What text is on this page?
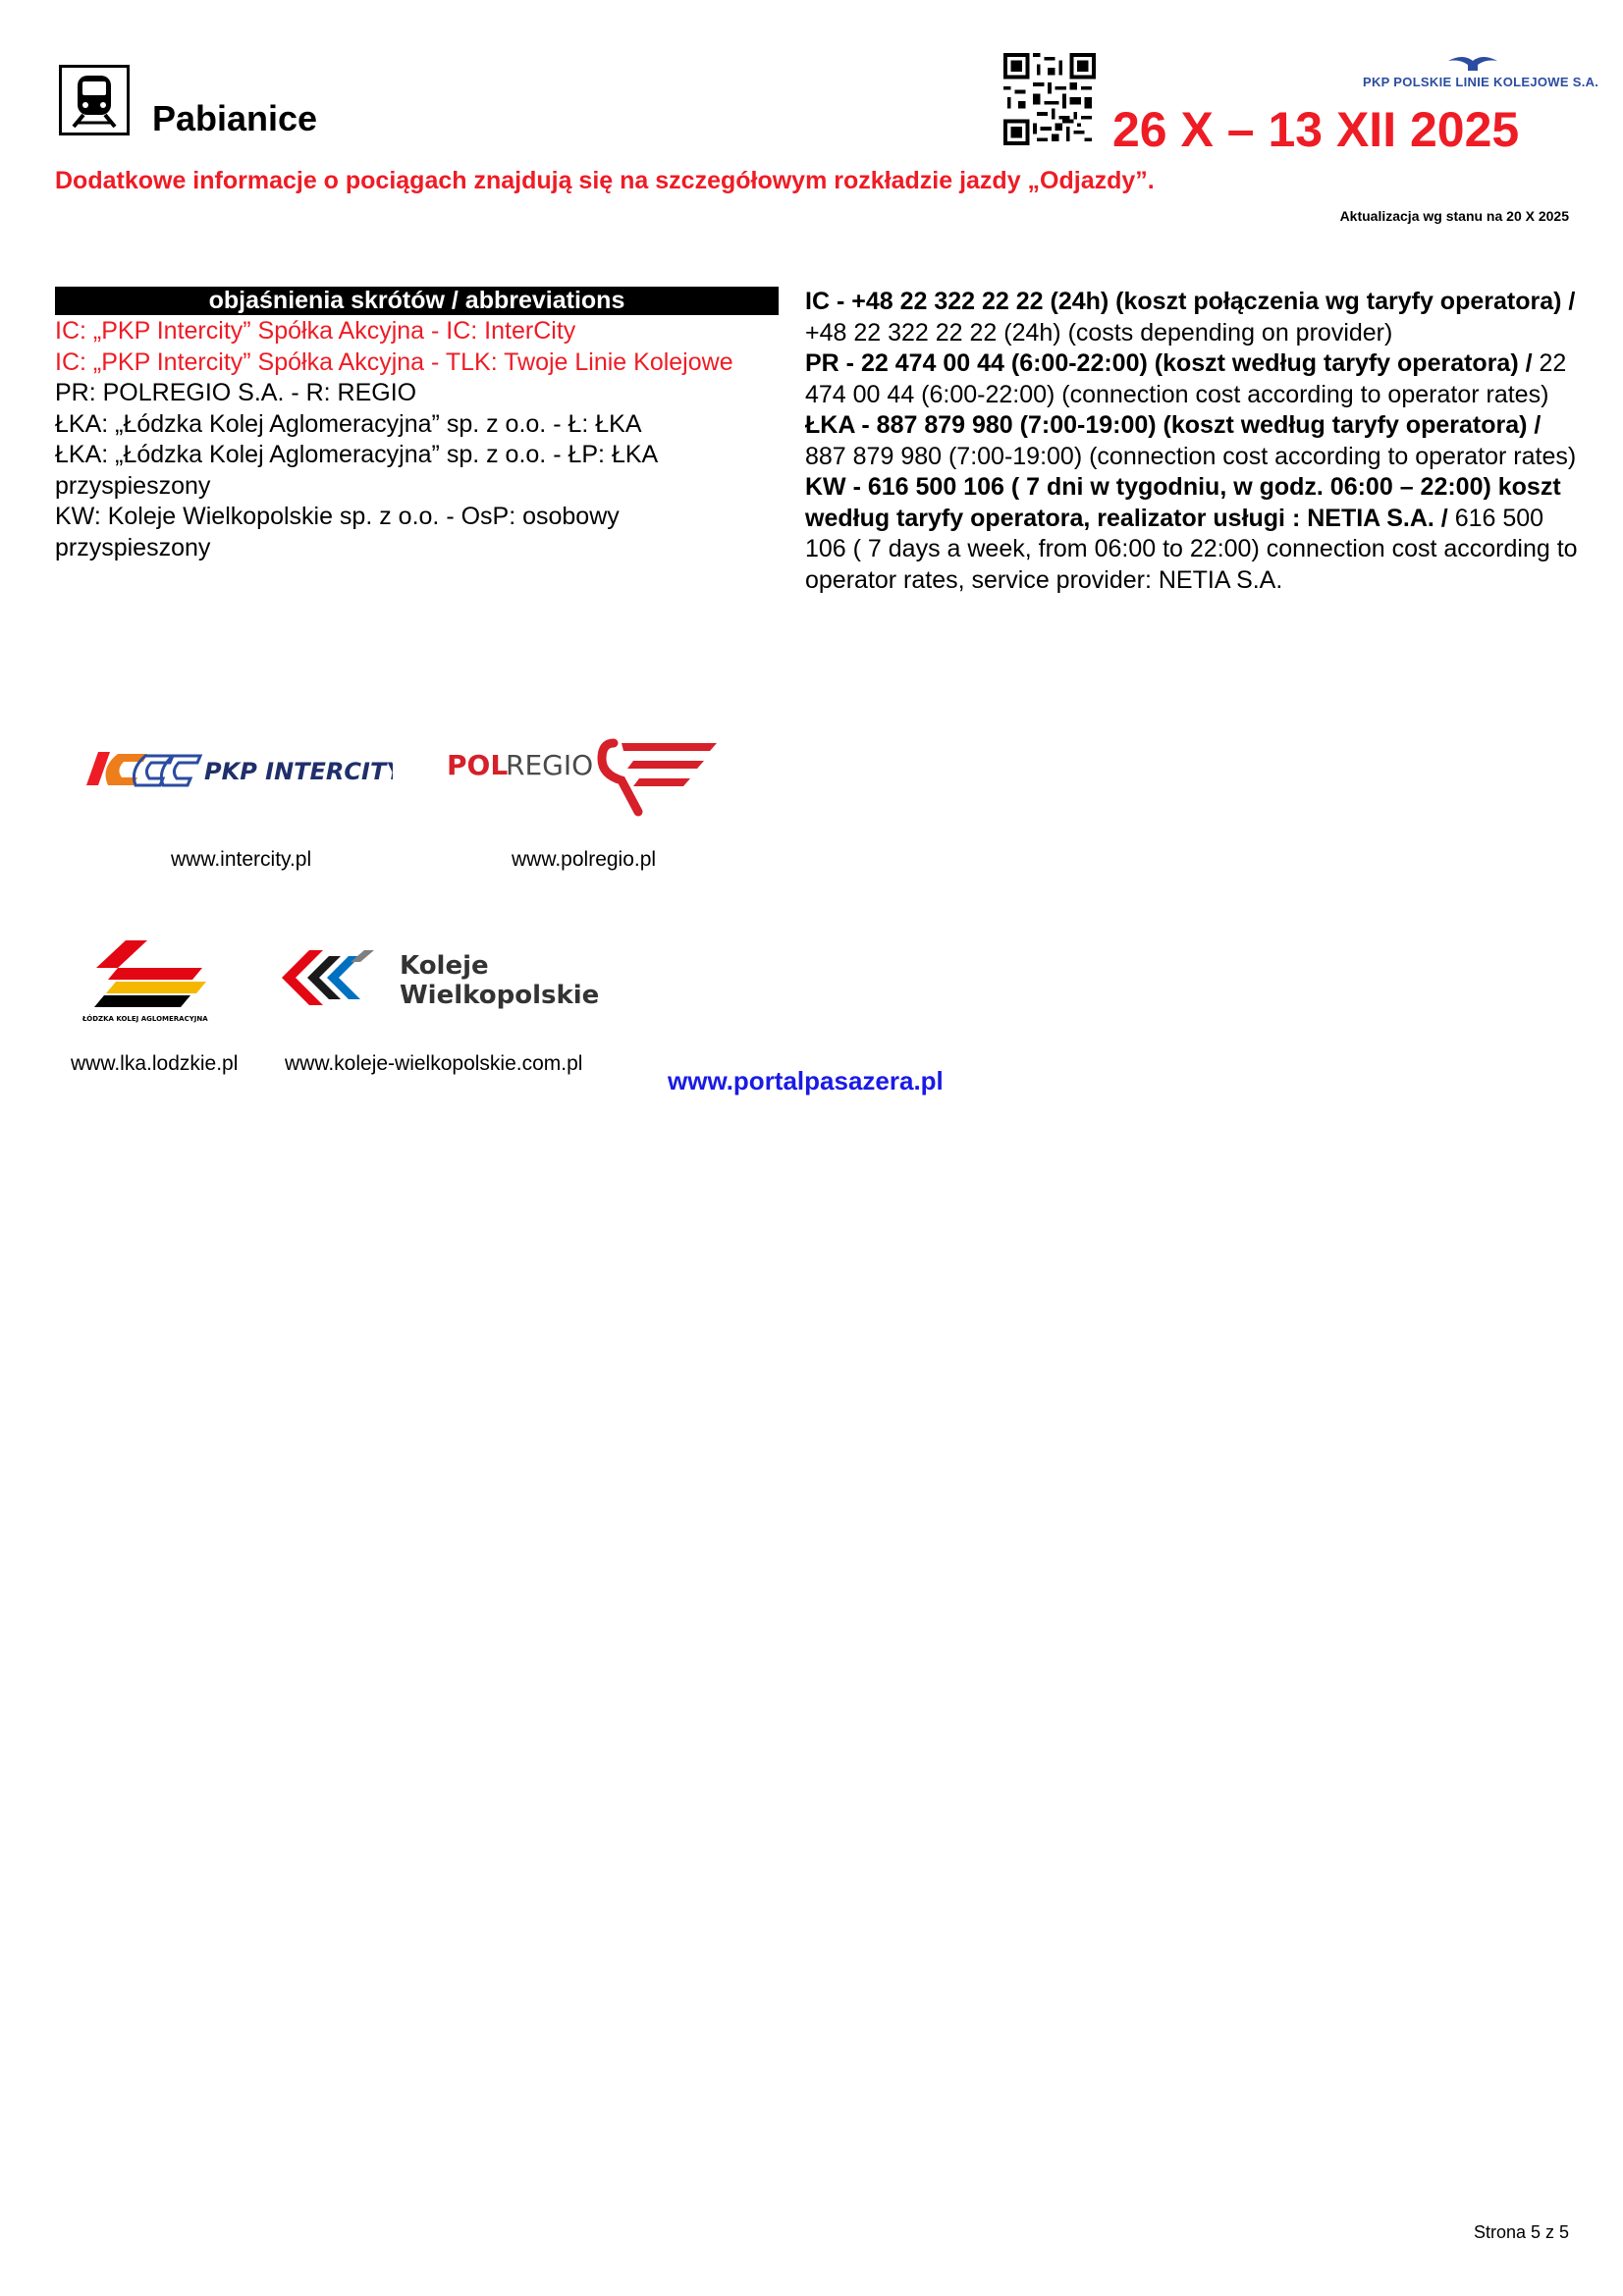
Pabianice
PKP POLSKIE LINIE KOLEJOWE S.A.
26 X – 13 XII 2025
Dodatkowe informacje o pociągach znajdują się na szczegółowym rozkładzie jazdy „Odjazdy”.
Aktualizacja wg stanu na 20 X 2025
objaśnienia skrótów / abbreviations
IC: „PKP Intercity” Spółka Akcyjna - IC: InterCity
IC: „PKP Intercity” Spółka Akcyjna - TLK: Twoje Linie Kolejowe
PR: POLREGIO S.A. - R: REGIO
ŁKA: „Łódzka Kolej Aglomeracyjna” sp. z o.o. - Ł: ŁKA
ŁKA: „Łódzka Kolej Aglomeracyjna” sp. z o.o. - ŁP: ŁKA przyspieszony
KW: Koleje Wielkopolskie sp. z o.o. - OsP: osobowy przyspieszony
IC - +48 22 322 22 22 (24h) (koszt połączenia wg taryfy operatora) / +48 22 322 22 22 (24h) (costs depending on provider)
PR - 22 474 00 44 (6:00-22:00) (koszt według taryfy operatora) / 22 474 00 44 (6:00-22:00) (connection cost according to operator rates)
ŁKA - 887 879 980 (7:00-19:00) (koszt według taryfy operatora) / 887 879 980 (7:00-19:00) (connection cost according to operator rates)
KW - 616 500 106 ( 7 dni w tygodniu, w godz. 06:00 – 22:00) koszt według taryfy operatora, realizator usługi : NETIA S.A. / 616 500 106 ( 7 days a week, from 06:00 to 22:00) connection cost according to operator rates, service provider: NETIA S.A.
PKP INTERCITY POL
REGIO
www.intercity.pl	www.polregio.pl
ŁÓDZKA KOLEJ AGLOMERACYJNA
Koleje
Wielkopolskie
www.lka.lodzkie.pl www.koleje-wielkopolskie.com.pl
www.portalpasazera.pl
Strona 5 z 5
